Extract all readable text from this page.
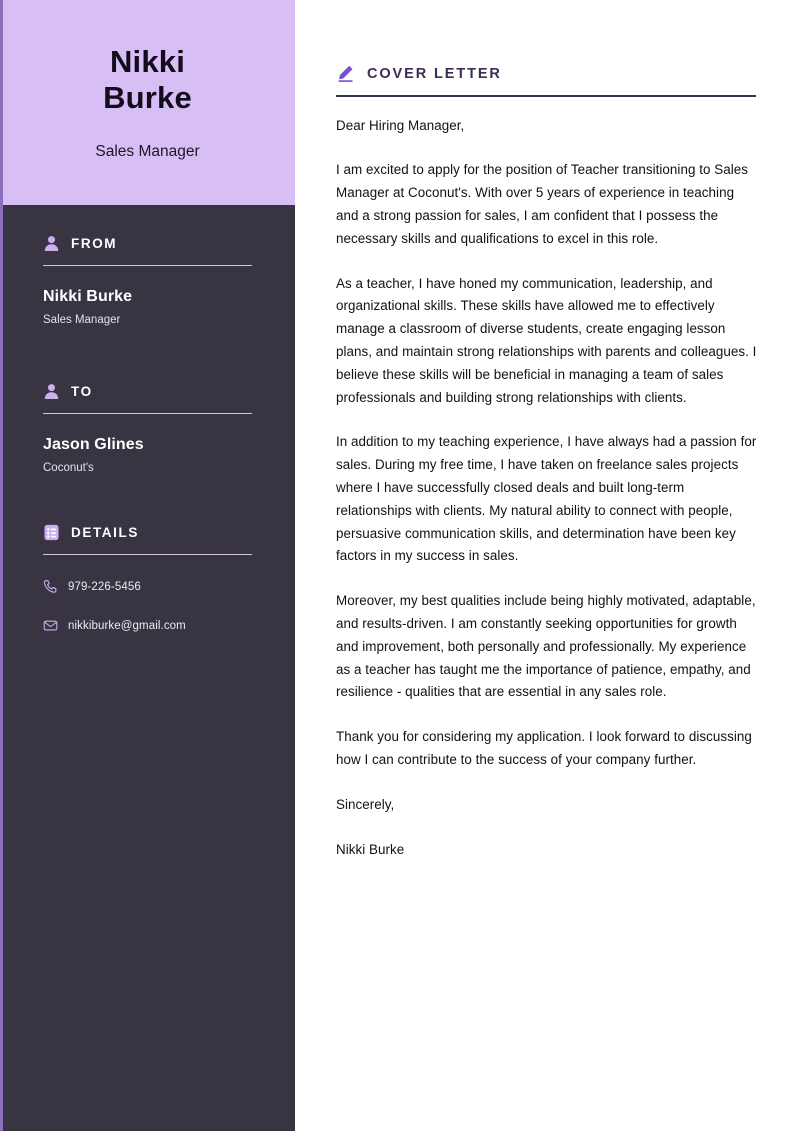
Nikki
Burke
Sales Manager
FROM
Nikki Burke
Sales Manager
TO
Jason Glines
Coconut's
DETAILS
979-226-5456
nikkiburke@gmail.com
COVER LETTER

Dear Hiring Manager,

I am excited to apply for the position of Teacher transitioning to Sales Manager at Coconut's. With over 5 years of experience in teaching and a strong passion for sales, I am confident that I possess the necessary skills and qualifications to excel in this role.

As a teacher, I have honed my communication, leadership, and organizational skills. These skills have allowed me to effectively manage a classroom of diverse students, create engaging lesson plans, and maintain strong relationships with parents and colleagues. I believe these skills will be beneficial in managing a team of sales professionals and building strong relationships with clients.

In addition to my teaching experience, I have always had a passion for sales. During my free time, I have taken on freelance sales projects where I have successfully closed deals and built long-term relationships with clients. My natural ability to connect with people, persuasive communication skills, and determination have been key factors in my success in sales.

Moreover, my best qualities include being highly motivated, adaptable, and results-driven. I am constantly seeking opportunities for growth and improvement, both personally and professionally. My experience as a teacher has taught me the importance of patience, empathy, and resilience - qualities that are essential in any sales role.

Thank you for considering my application. I look forward to discussing how I can contribute to the success of your company further.

Sincerely,

Nikki Burke
